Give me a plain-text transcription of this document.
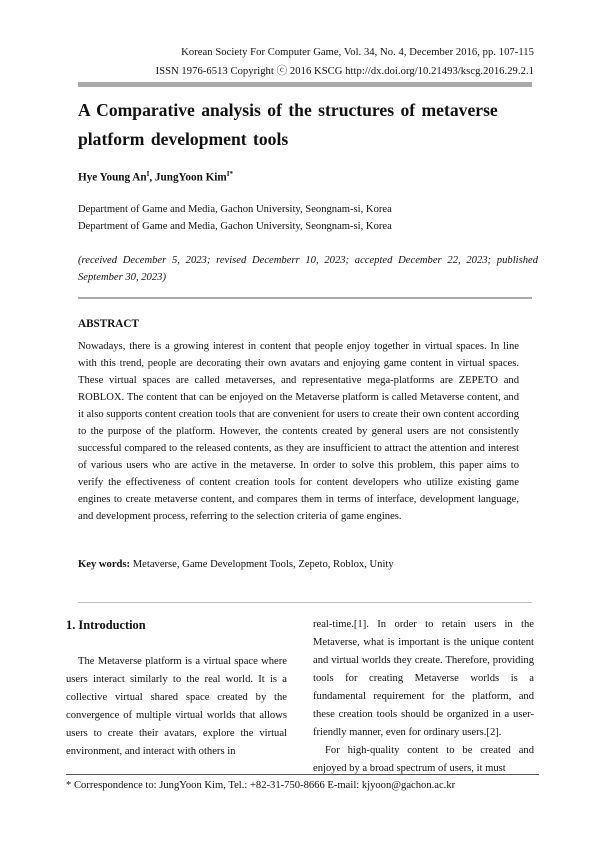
Korean Society For Computer Game, Vol. 34, No. 4, December 2016, pp. 107-115
ISSN 1976-6513 Copyright ⓒ 2016 KSCG http://dx.doi.org/10.21493/kscg.2016.29.2.1
A Comparative analysis of the structures of metaverse platform development tools
Hye Young $An^I$, JungYoon Kim$^{I*}$
Department of Game and Media, Gachon University, Seongnam-si, Korea
Department of Game and Media, Gachon University, Seongnam-si, Korea
(received December 5, 2023; revised Decemberr 10, 2023; accepted December 22, 2023; published September 30, 2023)
ABSTRACT
Nowadays, there is a growing interest in content that people enjoy together in virtual spaces. In line with this trend, people are decorating their own avatars and enjoying game content in virtual spaces. These virtual spaces are called metaverses, and representative mega-platforms are ZEPETO and ROBLOX. The content that can be enjoyed on the Metaverse platform is called Metaverse content, and it also supports content creation tools that are convenient for users to create their own content according to the purpose of the platform. However, the contents created by general users are not consistently successful compared to the released contents, as they are insufficient to attract the attention and interest of various users who are active in the metaverse. In order to solve this problem, this paper aims to verify the effectiveness of content creation tools for content developers who utilize existing game engines to create metaverse content, and compares them in terms of interface, development language, and development process, referring to the selection criteria of game engines.
Key words: Metaverse, Game Development Tools, Zepeto, Roblox, Unity
1. Introduction
The Metaverse platform is a virtual space where users interact similarly to the real world. It is a collective virtual shared space created by the convergence of multiple virtual worlds that allows users to create their avatars, explore the virtual environment, and interact with others in

real-time.[1]. In order to retain users in the Metaverse, what is important is the unique content and virtual worlds they create. Therefore, providing tools for creating Metaverse worlds is a fundamental requirement for the platform, and these creation tools should be organized in a user-friendly manner, even for ordinary users.[2].

For high-quality content to be created and enjoyed by a broad spectrum of users, it must

* Correspondence to: JungYoon Kim, Tel.: +82-31-750-8666 E-mail: kjyoon@gachon.ac.kr
